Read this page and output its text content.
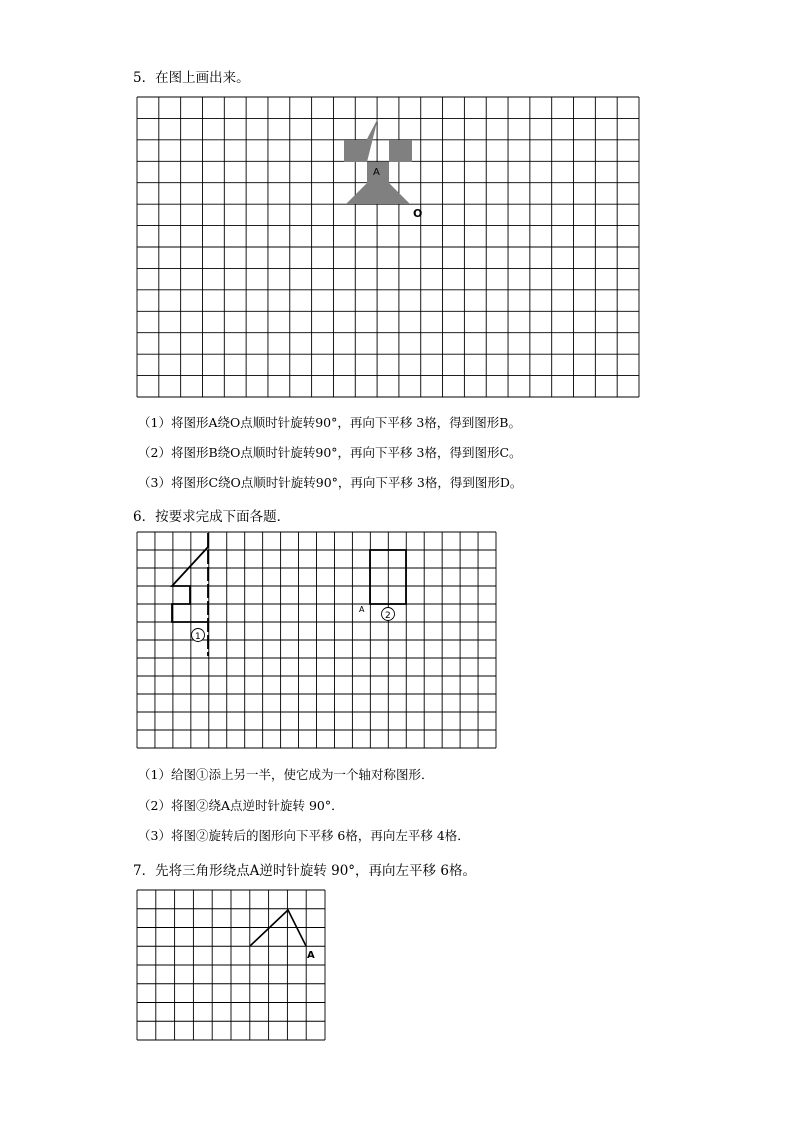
5．在图上画出来。
A
O
（1）将图形A绕O点顺时针旋转90°，再向下平移 3格，得到图形B。
（2）将图形B绕O点顺时针旋转90°，再向下平移 3格，得到图形C。
（3）将图形C绕O点顺时针旋转90°，再向下平移 3格，得到图形D。
6．按要求完成下面各题．
1
2
A
（1）给图①添上另一半，使它成为一个轴对称图形．
（2）将图②绕A点逆时针旋转 90°．
（3）将图②旋转后的图形向下平移 6格，再向左平移 4格．
7．先将三角形绕点A逆时针旋转 90°，再向左平移 6格。
A
